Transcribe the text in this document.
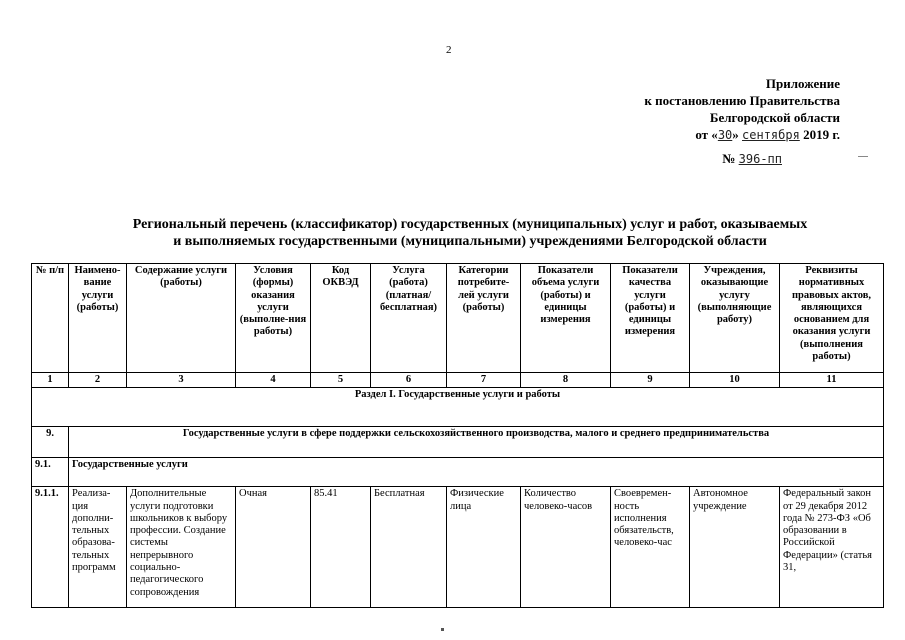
2
Приложение
к постановлению Правительства
Белгородской области
от «30» сентября 2019 г.
№ 396-пп
Региональный перечень (классификатор) государственных (муниципальных) услуг и работ, оказываемых
и выполняемых государственными (муниципальными) учреждениями Белгородской области
№ п/п	Наимено-вание услуги (работы)	Содержание услуги (работы)	Условия (формы) оказания услуги (выполне-ния работы)	Код ОКВЭД	Услуга (работа) (платная/ бесплатная)	Категории потребите-лей услуги (работы)	Показатели объема услуги (работы) и единицы измерения	Показатели качества услуги (работы) и единицы измерения	Учреждения, оказывающие услугу (выполняющие работу)	Реквизиты нормативных правовых актов, являющихся основанием для оказания услуги (выполнения работы)
1	2	3	4	5	6	7	8	9	10	11
Раздел I. Государственные услуги и работы										
9.	Государственные услуги в сфере поддержки сельскохозяйственного производства, малого и среднего предпринимательства									
9.1.	Государственные услуги									
9.1.1.	Реализа-ция дополни-тельных образова-тельных программ	Дополнительные услуги подготовки школьников к выбору профессии. Создание системы непрерывного социально-педагогического сопровождения	Очная	85.41	Бесплатная	Физические лица	Количество человеко-часов	Своевремен-ность исполнения обязательств, человеко-час	Автономное учреждение	Федеральный закон от 29 декабря 2012 года № 273-ФЗ «Об образовании в Российской Федерации» (статья 31,
